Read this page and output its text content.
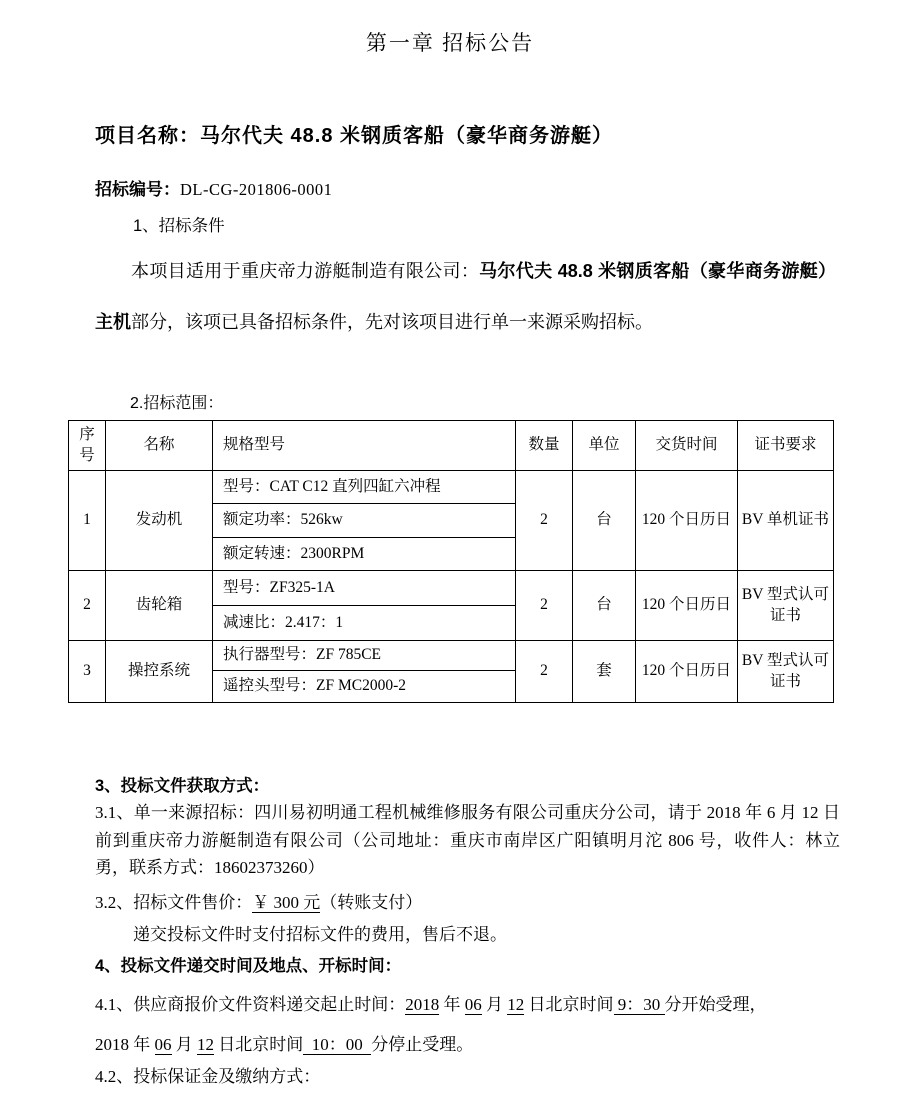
第一章 招标公告
项目名称：马尔代夫 48.8 米钢质客船（豪华商务游艇）
招标编号：DL-CG-201806-0001
1、招标条件
本项目适用于重庆帝力游艇制造有限公司：马尔代夫 48.8 米钢质客船（豪华商务游艇）主机部分，该项已具备招标条件，先对该项目进行单一来源采购招标。
2.招标范围：
序号	名称	规格型号	数量	单位	交货时间	证书要求
1	发动机	型号：CAT C12 直列四缸六冲程	2	台	120 个日历日	BV 单机证书
		额定功率：526kw				
		额定转速：2300RPM				
2	齿轮箱	型号：ZF325-1A	2	台	120 个日历日	BV 型式认可证书
		减速比：2.417：1				
3	操控系统	执行器型号：ZF 785CE	2	套	120 个日历日	BV 型式认可证书
		遥控头型号：ZF MC2000-2				
3、投标文件获取方式：
3.1、单一来源招标：四川易初明通工程机械维修服务有限公司重庆分公司，请于 2018 年 6 月 12 日前到重庆帝力游艇制造有限公司（公司地址：重庆市南岸区广阳镇明月沱 806 号，收件人：林立勇，联系方式：18602373260）
3.2、招标文件售价：￥ 300 元（转账支付）
递交投标文件时支付招标文件的费用，售后不退。
4、投标文件递交时间及地点、开标时间：
4.1、供应商报价文件资料递交起止时间：2018 年 06 月 12 日北京时间 9：30 分开始受理，
2018 年 06 月 12 日北京时间  10：00  分停止受理。
4.2、投标保证金及缴纳方式：
